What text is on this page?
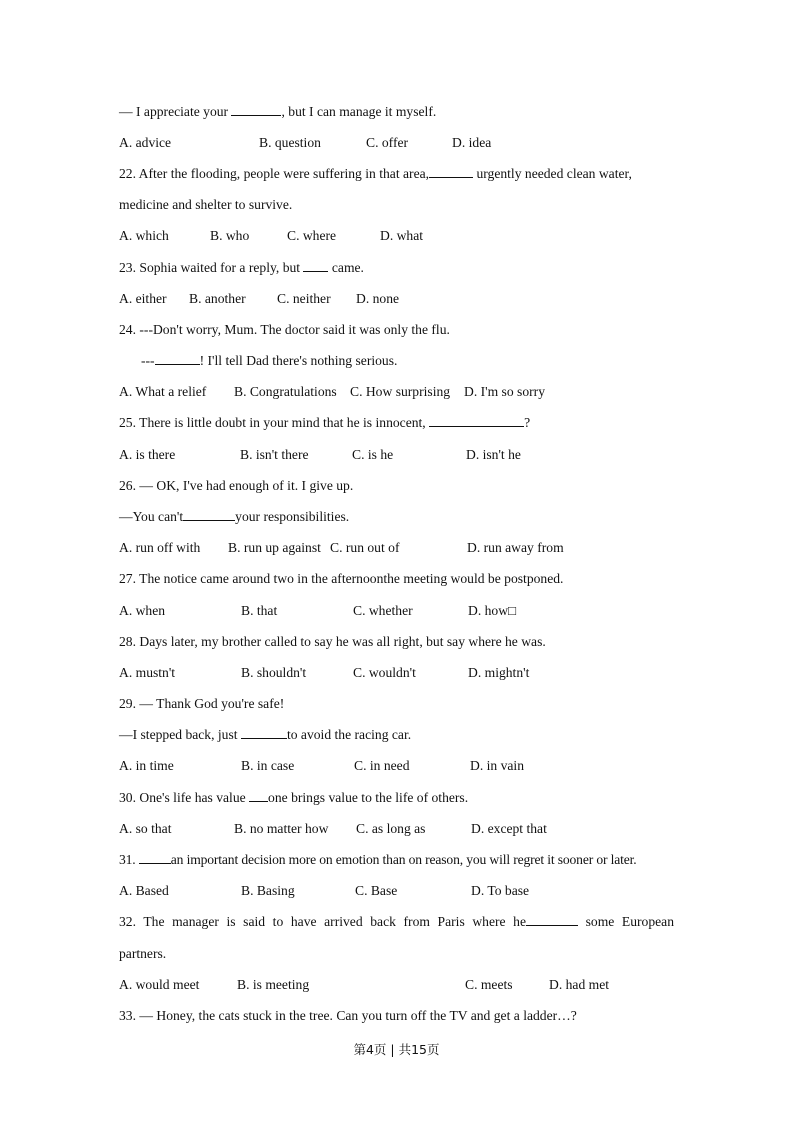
— I appreciate your	, but I can manage it myself.
A. advice	B. question	C. offer	D. idea
22. After the flooding, people were suffering in that area,	urgently needed clean water,
medicine and shelter to survive.
A. which	B. who	C. where	D. what
23. Sophia waited for a reply, but  came.
A. either B. another C. neither D. none
24. ---Don't worry, Mum. The doctor said it was only the flu.
---	! I'll tell Dad there's nothing serious.
A. What a relief B. Congratulations C. How surprising D. I'm so sorry
25. There is little doubt in your mind that he is innocent,	?
A. is there	B. isn't there	C. is he	D. isn't he
26. — OK, I've had enough of it. I give up.
—You can't	your responsibilities.
A. run off with B. run up against C. run out of	D. run away from
27. The notice came around two in the afternoonthe meeting would be postponed.
A. when	B. that	C. whether	D. how□
28. Days later, my brother called to say he was all right, but say where he was.
A. mustn't	B. shouldn't	C. wouldn't	D. mightn't
29. — Thank God you're safe!
—I stepped back, just	to avoid the racing car.
A. in time	B. in case	C. in need	D. in vain
30. One's life has value one brings value to the life of others.
A. so that	B. no matter how C. as long as	D. except that
31. an important decision more on emotion than on reason, you will regret it sooner or later.
A. Based	B. Basing	C. Base	D. To base
32. The manager is said to have arrived back from Paris where he	some European
partners.
A. would meet	B. is meeting	C. meets	D. had met
33. — Honey, the cats stuck in the tree. Can you turn off the TV and get a ladder…?
第4页 | 共15页
